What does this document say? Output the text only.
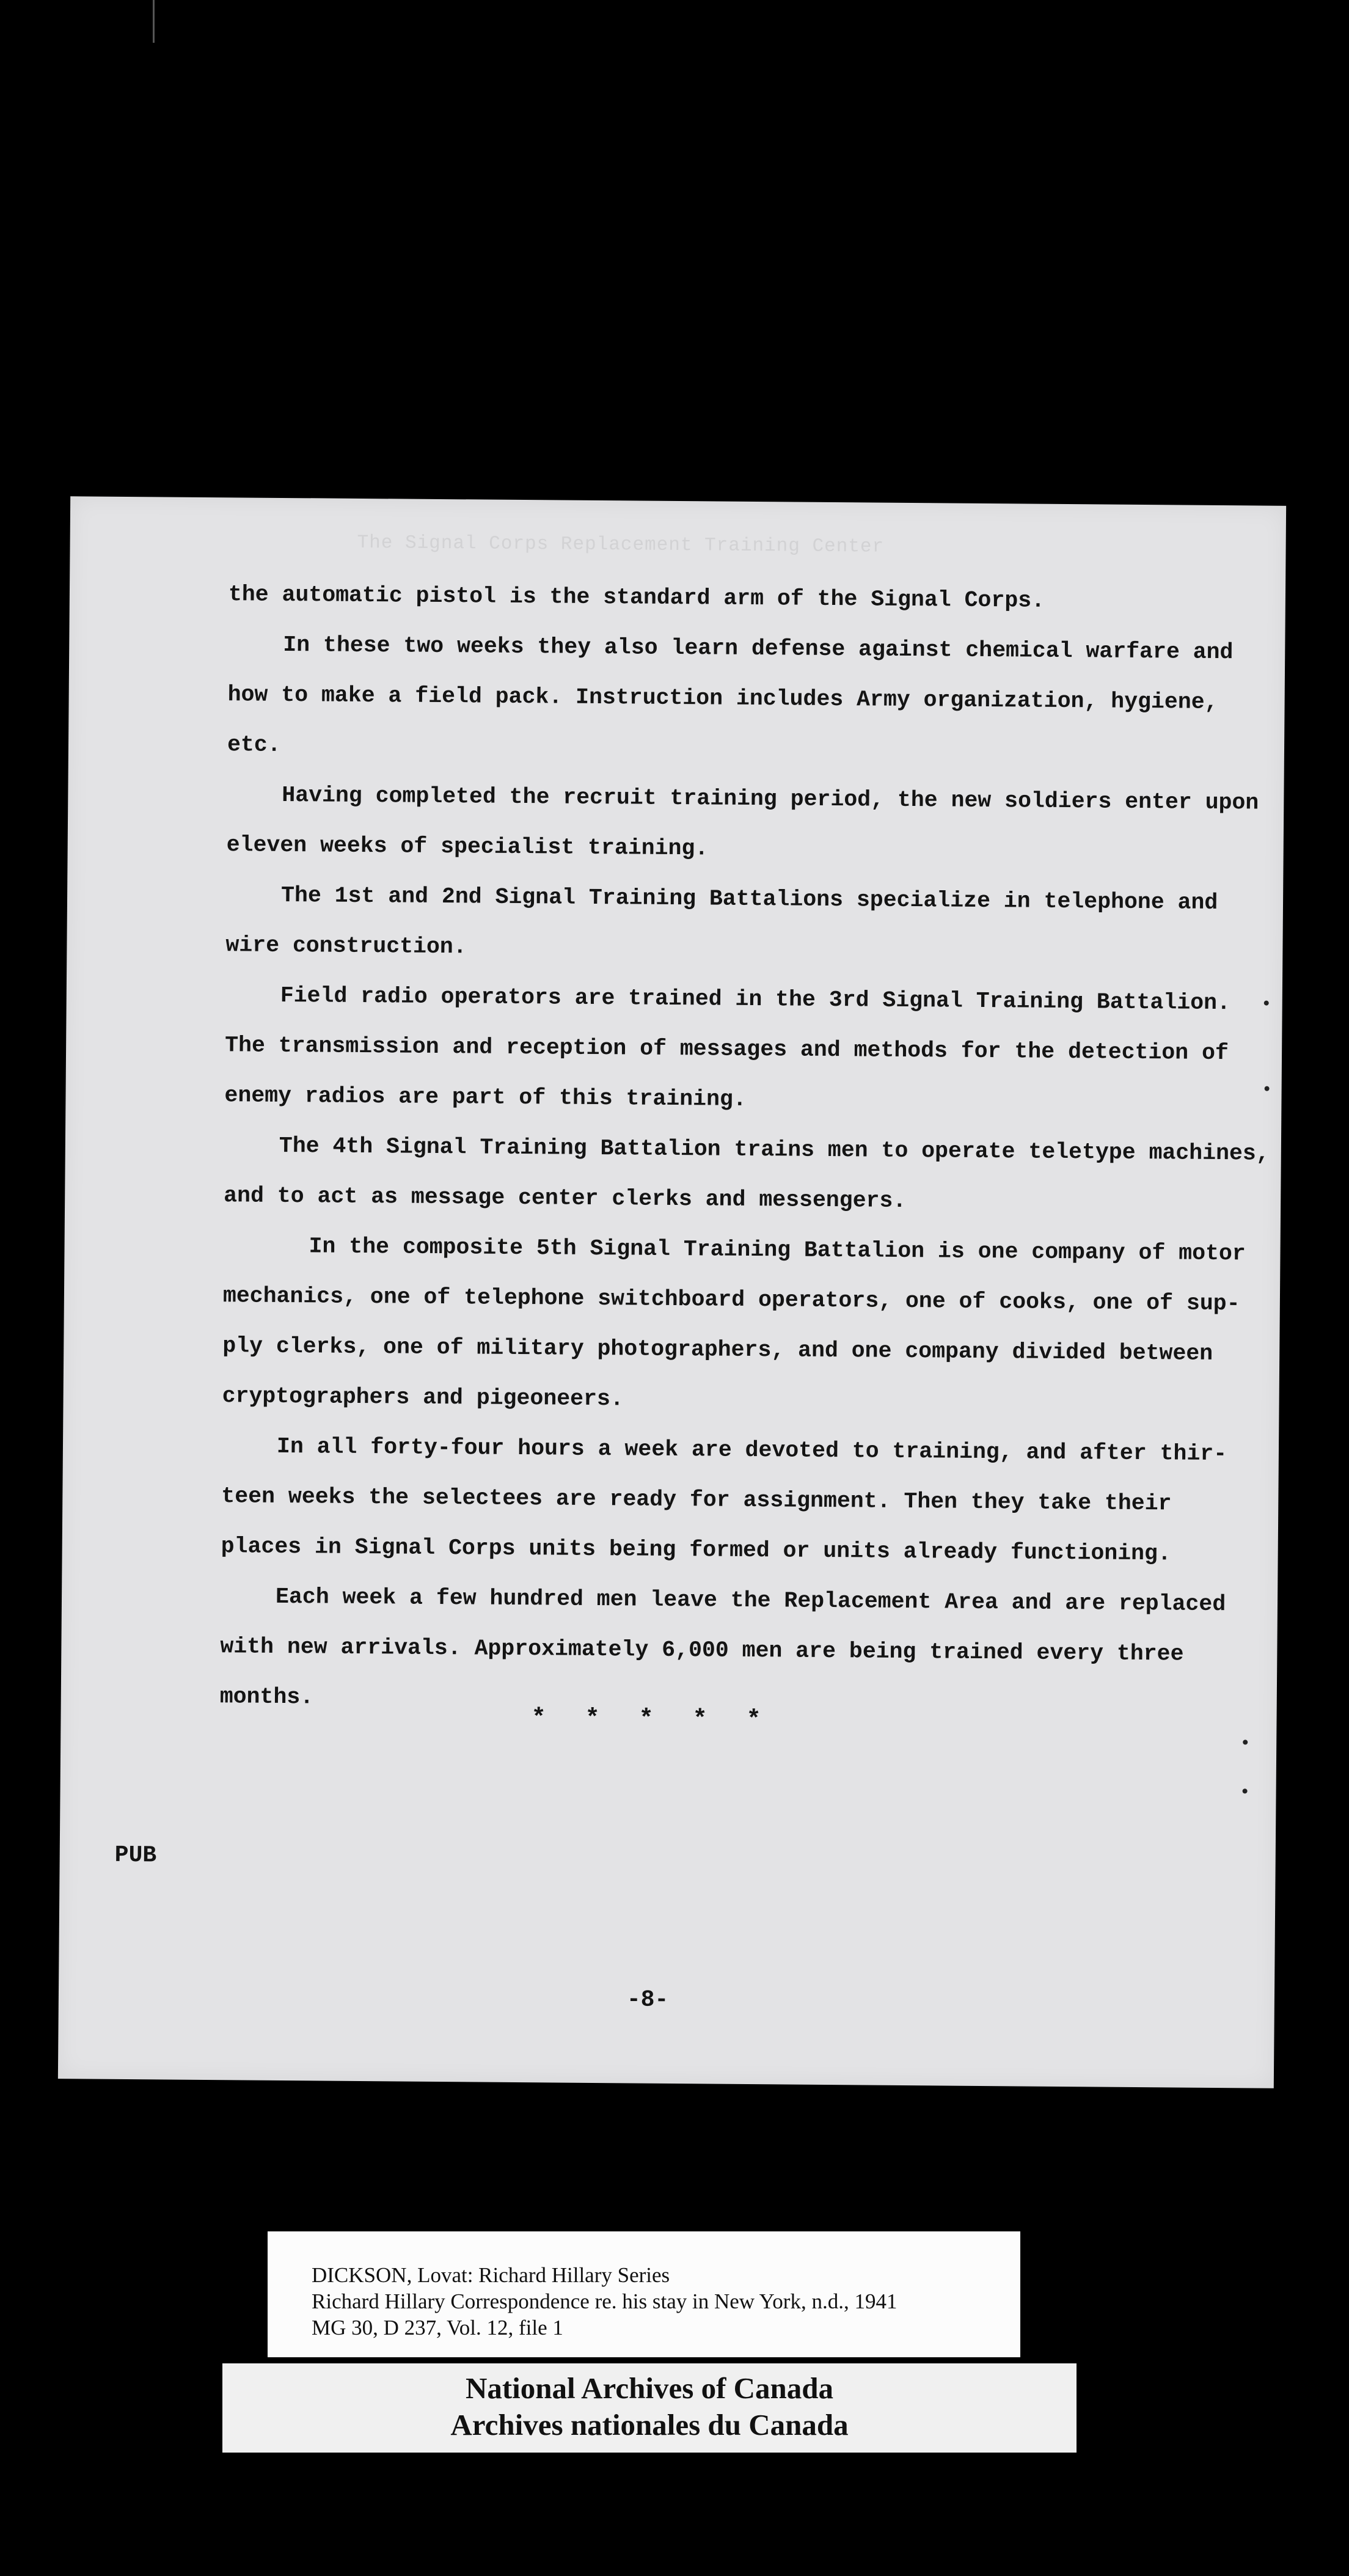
The Signal Corps Replacement Training Center
the automatic pistol is the standard arm of the Signal Corps.
In these two weeks they also learn defense against chemical warfare and
how to make a field pack. Instruction includes Army organization, hygiene,
etc.
Having completed the recruit training period, the new soldiers enter upon
eleven weeks of specialist training.
The 1st and 2nd Signal Training Battalions specialize in telephone and
wire construction.
Field radio operators are trained in the 3rd Signal Training Battalion.
The transmission and reception of messages and methods for the detection of
enemy radios are part of this training.
The 4th Signal Training Battalion trains men to operate teletype machines,
and to act as message center clerks and messengers.
In the composite 5th Signal Training Battalion is one company of motor
mechanics, one of telephone switchboard operators, one of cooks, one of sup-
ply clerks, one of military photographers, and one company divided between
cryptographers and pigeoneers.
In all forty-four hours a week are devoted to training, and after thir-
teen weeks the selectees are ready for assignment. Then they take their
places in Signal Corps units being formed or units already functioning.
Each week a few hundred men leave the Replacement Area and are replaced
with new arrivals. Approximately 6,000 men are being trained every three
months.
* * * * *
PUB
-8-
DICKSON, Lovat: Richard Hillary Series
Richard Hillary Correspondence re. his stay in New York, n.d., 1941
MG 30, D 237, Vol. 12, file 1
National Archives of Canada
Archives nationales du Canada
